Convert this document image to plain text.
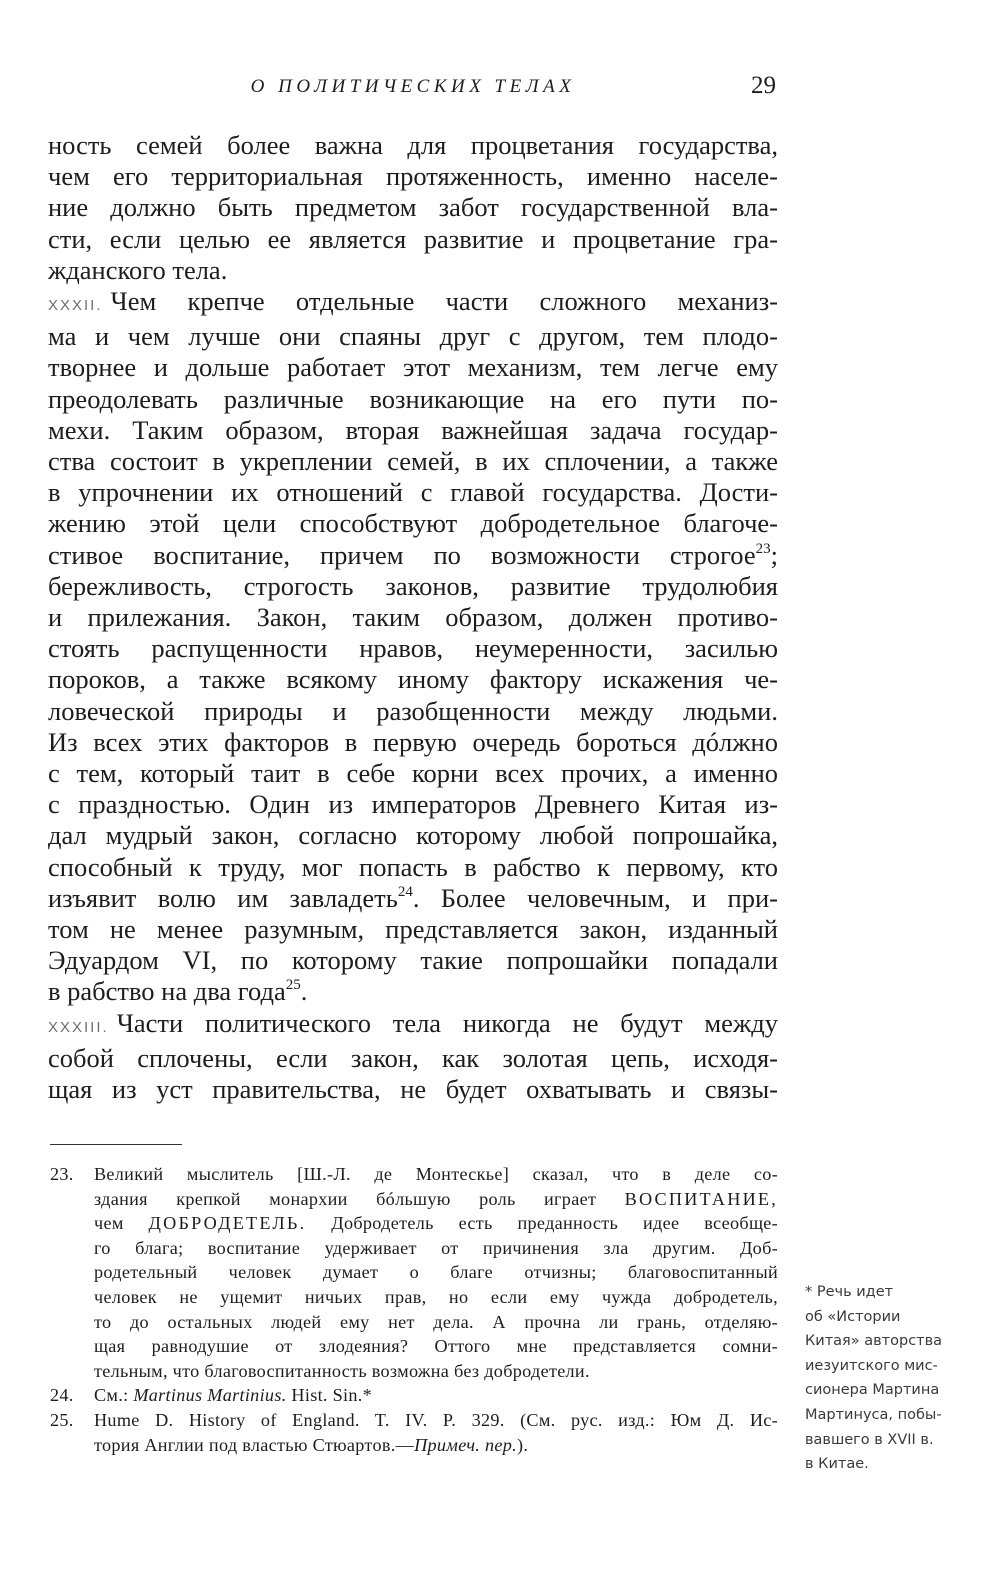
О ПОЛИТИЧЕСКИХ ТЕЛАХ	29
ность семей более важна для процветания государства,
чем его территориальная протяженность, именно населе-
ние должно быть предметом забот государственной вла-
сти, если целью ее является развитие и процветание гра-
жданского тела.
XXXII. Чем крепче отдельные части сложного механиз-
ма и чем лучше они спаяны друг с другом, тем плодо-
творнее и дольше работает этот механизм, тем легче ему
преодолевать различные возникающие на его пути по-
мехи. Таким образом, вторая важнейшая задача государ-
ства состоит в укреплении семей, в их сплочении, а также
в упрочнении их отношений с главой государства. Дости-
жению этой цели способствуют добродетельное благоче-
стивое воспитание, причем по возможности строгое$^{23}$;
бережливость, строгость законов, развитие трудолюбия
и прилежания. Закон, таким образом, должен противо-
стоять распущенности нравов, неумеренности, засилью
пороков, а также всякому иному фактору искажения че-
ловеческой природы и разобщенности между людьми.
Из всех этих факторов в первую очередь бороться дóлжно
с тем, который таит в себе корни всех прочих, а именно
с праздностью. Один из императоров Древнего Китая из-
дал мудрый закон, согласно которому любой попрошайка,
способный к труду, мог попасть в рабство к первому, кто
изъявит волю им завладеть$^{24}$. Более человечным, и при-
том не менее разумным, представляется закон, изданный
Эдуардом VI, по которому такие попрошайки попадали
в рабство на два года$^{25}$.
XXXIII. Части политического тела никогда не будут между
собой сплочены, если закон, как золотая цепь, исходя-
щая из уст правительства, не будет охватывать и связы-
23. Великий мыслитель [Ш.-Л. де Монтескье] сказал, что в деле со-
здания крепкой монархии бóльшую роль играет ВОСПИТАНИЕ,
чем ДОБРОДЕТЕЛЬ. Добродетель есть преданность идее всеобще-
го блага; воспитание удерживает от причинения зла другим. Доб-
родетельный человек думает о благе отчизны; благовоспитанный
человек не ущемит ничьих прав, но если ему чужда добродетель,
то до остальных людей ему нет дела. А прочна ли грань, отделяю-
щая равнодушие от злодеяния? Оттого мне представляется сомни-
тельным, что благовоспитанность возможна без добродетели.
24. См.: Martinus Martinius. Hist. Sin.*
25. Hume D. History of England. T. IV. P. 329. (См. рус. изд.: Юм Д. Ис-
тория Англии под властью Стюартов.—Примеч. пер.).
* Речь идет
об «Истории
Китая» авторства
иезуитского мис-
сионера Мартина
Мартинуса, побы-
вавшего в XVII в.
в Китае.
